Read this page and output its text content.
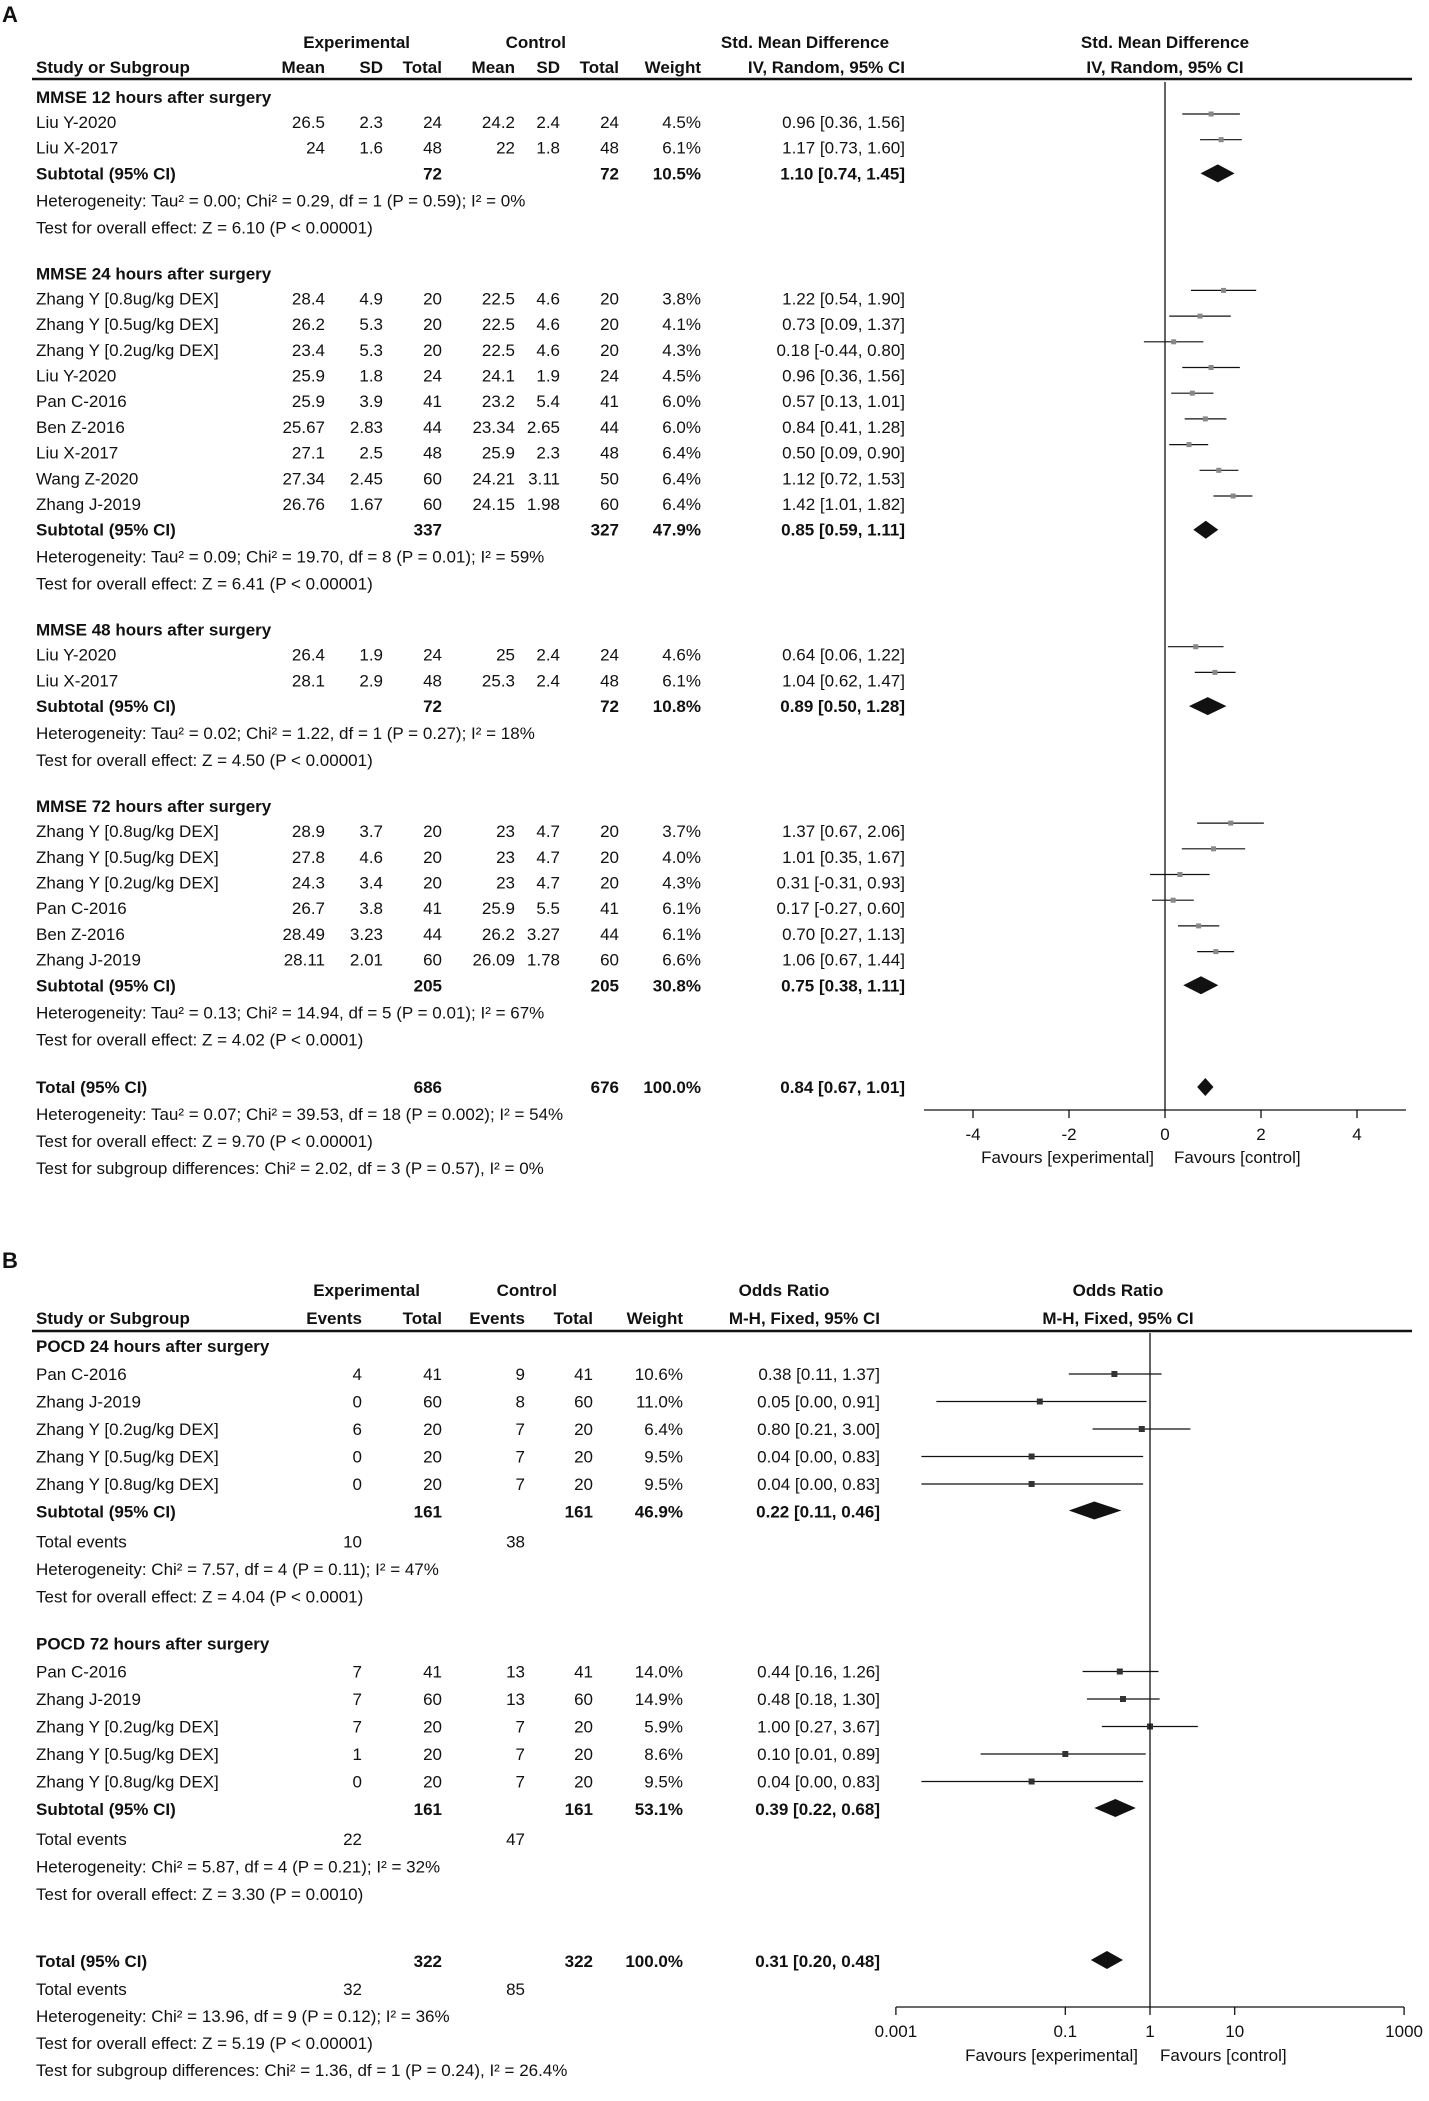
A
Experimental	Control	Std. Mean Difference	Std. Mean Difference
Study or Subgroup	Mean SD Total Mean SD Total Weight	IV, Random, 95% CI	IV, Random, 95% CI
MMSE 12 hours after surgery
Liu Y-2020	26.5 2.3 24 24.2 2.4 24	4.5%	0.96 [0.36, 1.56]
Liu X-2017	24 1.6 48	22 1.8 48	6.1%	1.17 [0.73, 1.60]
Subtotal (95% CI)	72	72 10.5%	1.10 [0.74, 1.45]
Heterogeneity: Tau² = 0.00; Chi² = 0.29, df = 1 (P = 0.59); I² = 0%
Test for overall effect: Z = 6.10 (P < 0.00001)
MMSE 24 hours after surgery
Zhang Y [0.8ug/kg DEX]	28.4 4.9 20 22.5 4.6 20	3.8%	1.22 [0.54, 1.90]
Zhang Y [0.5ug/kg DEX]	26.2 5.3 20 22.5 4.6 20	4.1%	0.73 [0.09, 1.37]
Zhang Y [0.2ug/kg DEX]	23.4 5.3 20 22.5 4.6 20	4.3%	0.18 [-0.44, 0.80]
Liu Y-2020	25.9 1.8 24 24.1 1.9 24	4.5%	0.96 [0.36, 1.56]
Pan C-2016	25.9 3.9 41 23.2 5.4 41	6.0%	0.57 [0.13, 1.01]
Ben Z-2016	25.67 2.83 44 23.34 2.65 44	6.0%	0.84 [0.41, 1.28]
Liu X-2017	27.1 2.5 48 25.9 2.3 48	6.4%	0.50 [0.09, 0.90]
Wang Z-2020	27.34 2.45 60 24.21 3.11 50	6.4%	1.12 [0.72, 1.53]
Zhang J-2019	26.76 1.67 60 24.15 1.98 60	6.4%	1.42 [1.01, 1.82]
Subtotal (95% CI)	337	327 47.9%	0.85 [0.59, 1.11]
Heterogeneity: Tau² = 0.09; Chi² = 19.70, df = 8 (P = 0.01); I² = 59%
Test for overall effect: Z = 6.41 (P < 0.00001)
MMSE 48 hours after surgery
Liu Y-2020	26.4 1.9 24	25 2.4 24	4.6%	0.64 [0.06, 1.22]
Liu X-2017	28.1 2.9 48 25.3 2.4 48	6.1%	1.04 [0.62, 1.47]
Subtotal (95% CI)	72	72 10.8%	0.89 [0.50, 1.28]
Heterogeneity: Tau² = 0.02; Chi² = 1.22, df = 1 (P = 0.27); I² = 18%
Test for overall effect: Z = 4.50 (P < 0.00001)
MMSE 72 hours after surgery
Zhang Y [0.8ug/kg DEX]	28.9 3.7 20	23 4.7 20	3.7%	1.37 [0.67, 2.06]
Zhang Y [0.5ug/kg DEX]	27.8 4.6 20	23 4.7 20	4.0%	1.01 [0.35, 1.67]
Zhang Y [0.2ug/kg DEX]	24.3 3.4 20	23 4.7 20	4.3%	0.31 [-0.31, 0.93]
Pan C-2016	26.7 3.8 41 25.9 5.5 41	6.1%	0.17 [-0.27, 0.60]
Ben Z-2016	28.49 3.23 44 26.2 3.27 44	6.1%	0.70 [0.27, 1.13]
Zhang J-2019	28.11 2.01 60 26.09 1.78 60	6.6%	1.06 [0.67, 1.44]
Subtotal (95% CI)	205	205 30.8%	0.75 [0.38, 1.11]
Heterogeneity: Tau² = 0.13; Chi² = 14.94, df = 5 (P = 0.01); I² = 67%
Test for overall effect: Z = 4.02 (P < 0.0001)
Total (95% CI)	686	676 100.0%	0.84 [0.67, 1.01]
Heterogeneity: Tau² = 0.07; Chi² = 39.53, df = 18 (P = 0.002); I² = 54%
Test for overall effect: Z = 9.70 (P < 0.00001)
Test for subgroup differences: Chi² = 2.02, df = 3 (P = 0.57), I² = 0%
-4	-2	0	2	4
Favours [experimental] Favours [control]
B
Experimental	Control	Odds Ratio	Odds Ratio
Study or Subgroup	Events Total Events Total Weight	M-H, Fixed, 95% CI	M-H, Fixed, 95% CI
POCD 24 hours after surgery
Pan C-2016	4	41	9	41 10.6%	0.38 [0.11, 1.37]
Zhang J-2019	0	60	8	60	11.0%	0.05 [0.00, 0.91]
Zhang Y [0.2ug/kg DEX]	6	20	7	20	6.4%	0.80 [0.21, 3.00]
Zhang Y [0.5ug/kg DEX]	0	20	7	20	9.5%	0.04 [0.00, 0.83]
Zhang Y [0.8ug/kg DEX]	0	20	7	20	9.5%	0.04 [0.00, 0.83]
Subtotal (95% CI)	161	161 46.9%	0.22 [0.11, 0.46]
Total events	10	38
Heterogeneity: Chi² = 7.57, df = 4 (P = 0.11); I² = 47%
Test for overall effect: Z = 4.04 (P < 0.0001)
POCD 72 hours after surgery
Pan C-2016	7	41	13	41 14.0%	0.44 [0.16, 1.26]
Zhang J-2019	7	60	13	60 14.9%	0.48 [0.18, 1.30]
Zhang Y [0.2ug/kg DEX]	7	20	7	20	5.9%	1.00 [0.27, 3.67]
Zhang Y [0.5ug/kg DEX]	1	20	7	20	8.6%	0.10 [0.01, 0.89]
Zhang Y [0.8ug/kg DEX]	0	20	7	20	9.5%	0.04 [0.00, 0.83]
Subtotal (95% CI)	161	161 53.1%	0.39 [0.22, 0.68]
Total events	22	47
Heterogeneity: Chi² = 5.87, df = 4 (P = 0.21); I² = 32%
Test for overall effect: Z = 3.30 (P = 0.0010)
Total (95% CI)	322	322 100.0%	0.31 [0.20, 0.48]
Total events	32	85
Heterogeneity: Chi² = 13.96, df = 9 (P = 0.12); I² = 36%
Test for overall effect: Z = 5.19 (P < 0.00001)
Test for subgroup differences: Chi² = 1.36, df = 1 (P = 0.24), I² = 26.4%
0.001	0.1	1	10	1000
Favours [experimental] Favours [control]
